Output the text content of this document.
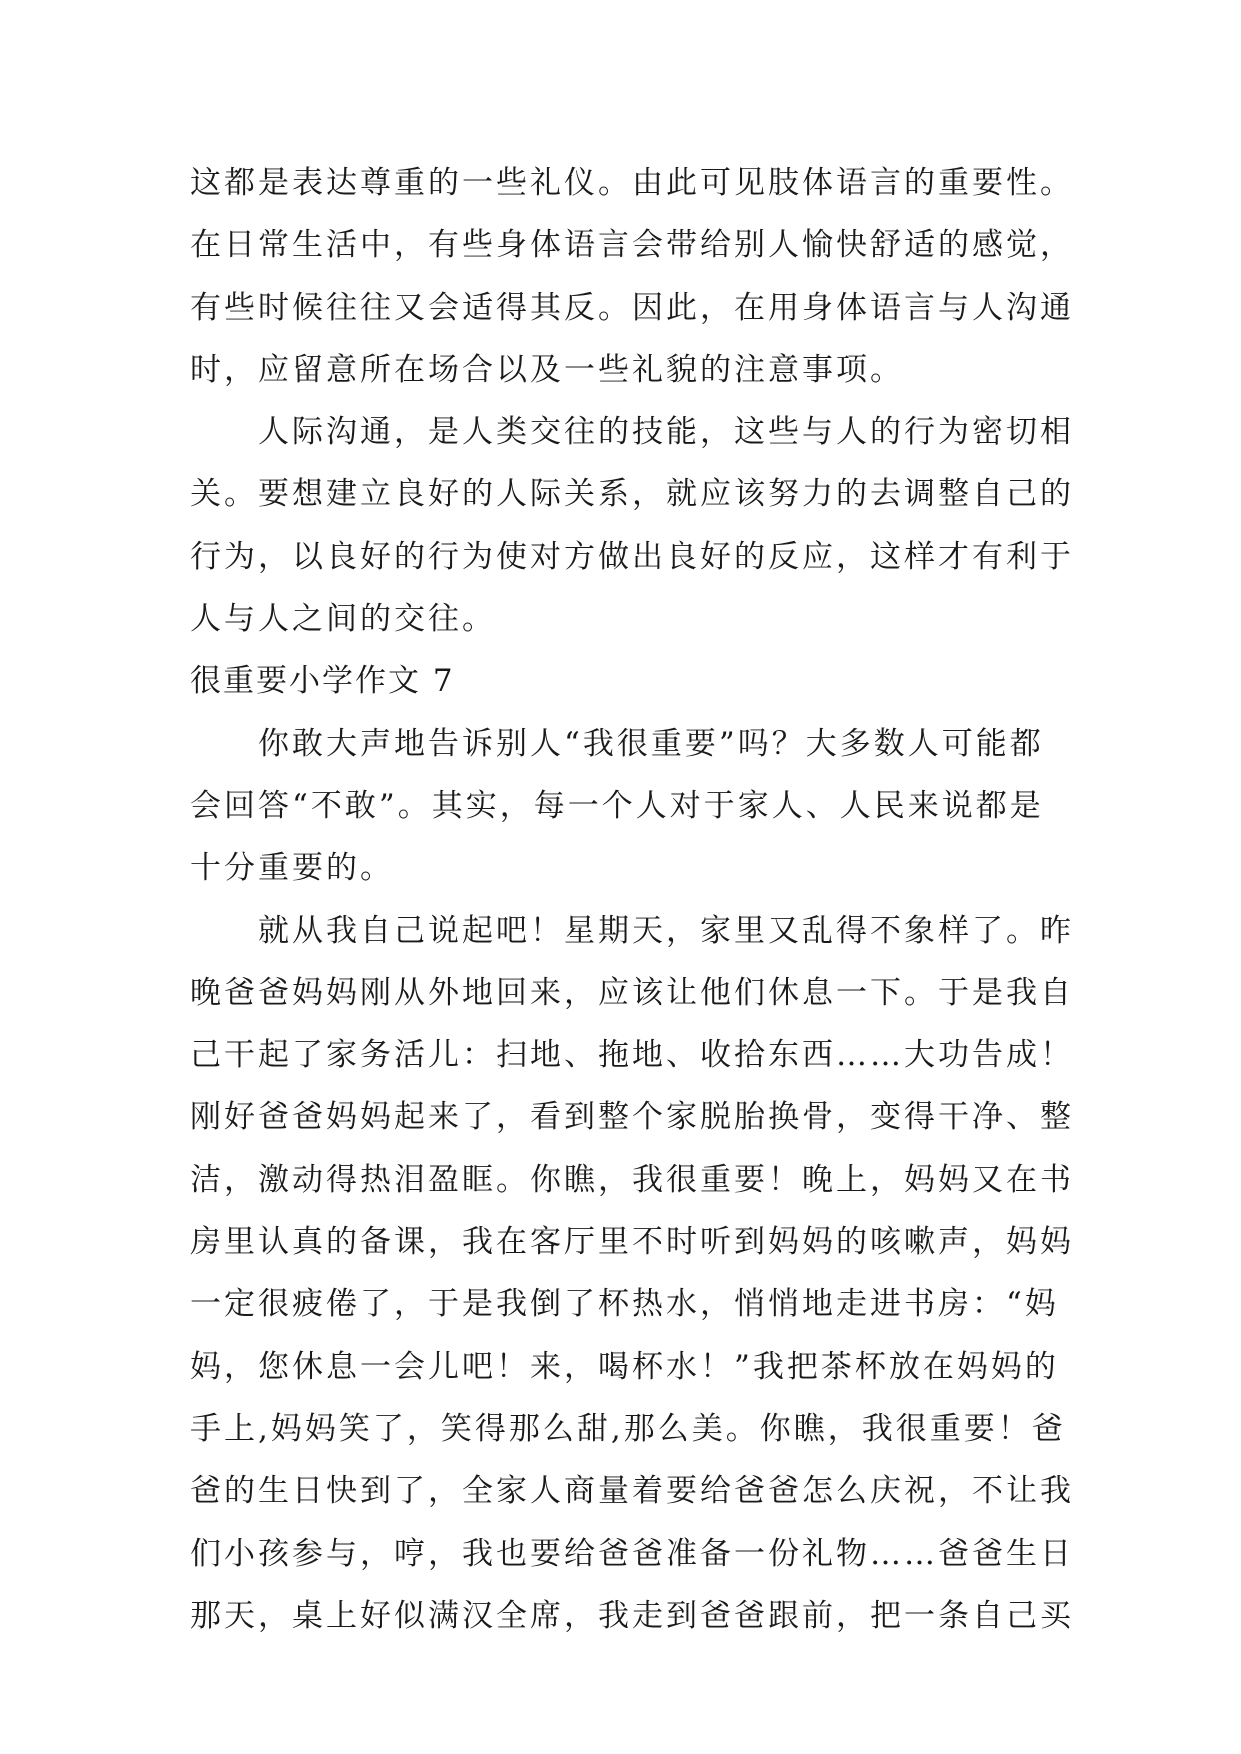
这都是表达尊重的一些礼仪。由此可见肢体语言的重要性。
在日常生活中，有些身体语言会带给别人愉快舒适的感觉，
有些时候往往又会适得其反。因此，在用身体语言与人沟通
时，应留意所在场合以及一些礼貌的注意事项。
人际沟通，是人类交往的技能，这些与人的行为密切相
关。要想建立良好的人际关系，就应该努力的去调整自己的
行为，以良好的行为使对方做出良好的反应，这样才有利于
人与人之间的交往。
很重要小学作文 7
你敢大声地告诉别人“我很重要”吗？大多数人可能都
会回答“不敢”。其实，每一个人对于家人、人民来说都是
十分重要的。
就从我自己说起吧！星期天，家里又乱得不象样了。昨
晚爸爸妈妈刚从外地回来，应该让他们休息一下。于是我自
己干起了家务活儿：扫地、拖地、收拾东西……大功告成！
刚好爸爸妈妈起来了，看到整个家脱胎换骨，变得干净、整
洁，激动得热泪盈眶。你瞧，我很重要！晚上，妈妈又在书
房里认真的备课，我在客厅里不时听到妈妈的咳嗽声，妈妈
一定很疲倦了，于是我倒了杯热水，悄悄地走进书房：“妈
妈，您休息一会儿吧！来，喝杯水！”我把茶杯放在妈妈的
手上,妈妈笑了，笑得那么甜,那么美。你瞧，我很重要！爸
爸的生日快到了，全家人商量着要给爸爸怎么庆祝，不让我
们小孩参与，哼，我也要给爸爸准备一份礼物……爸爸生日
那天，桌上好似满汉全席，我走到爸爸跟前，把一条自己买
